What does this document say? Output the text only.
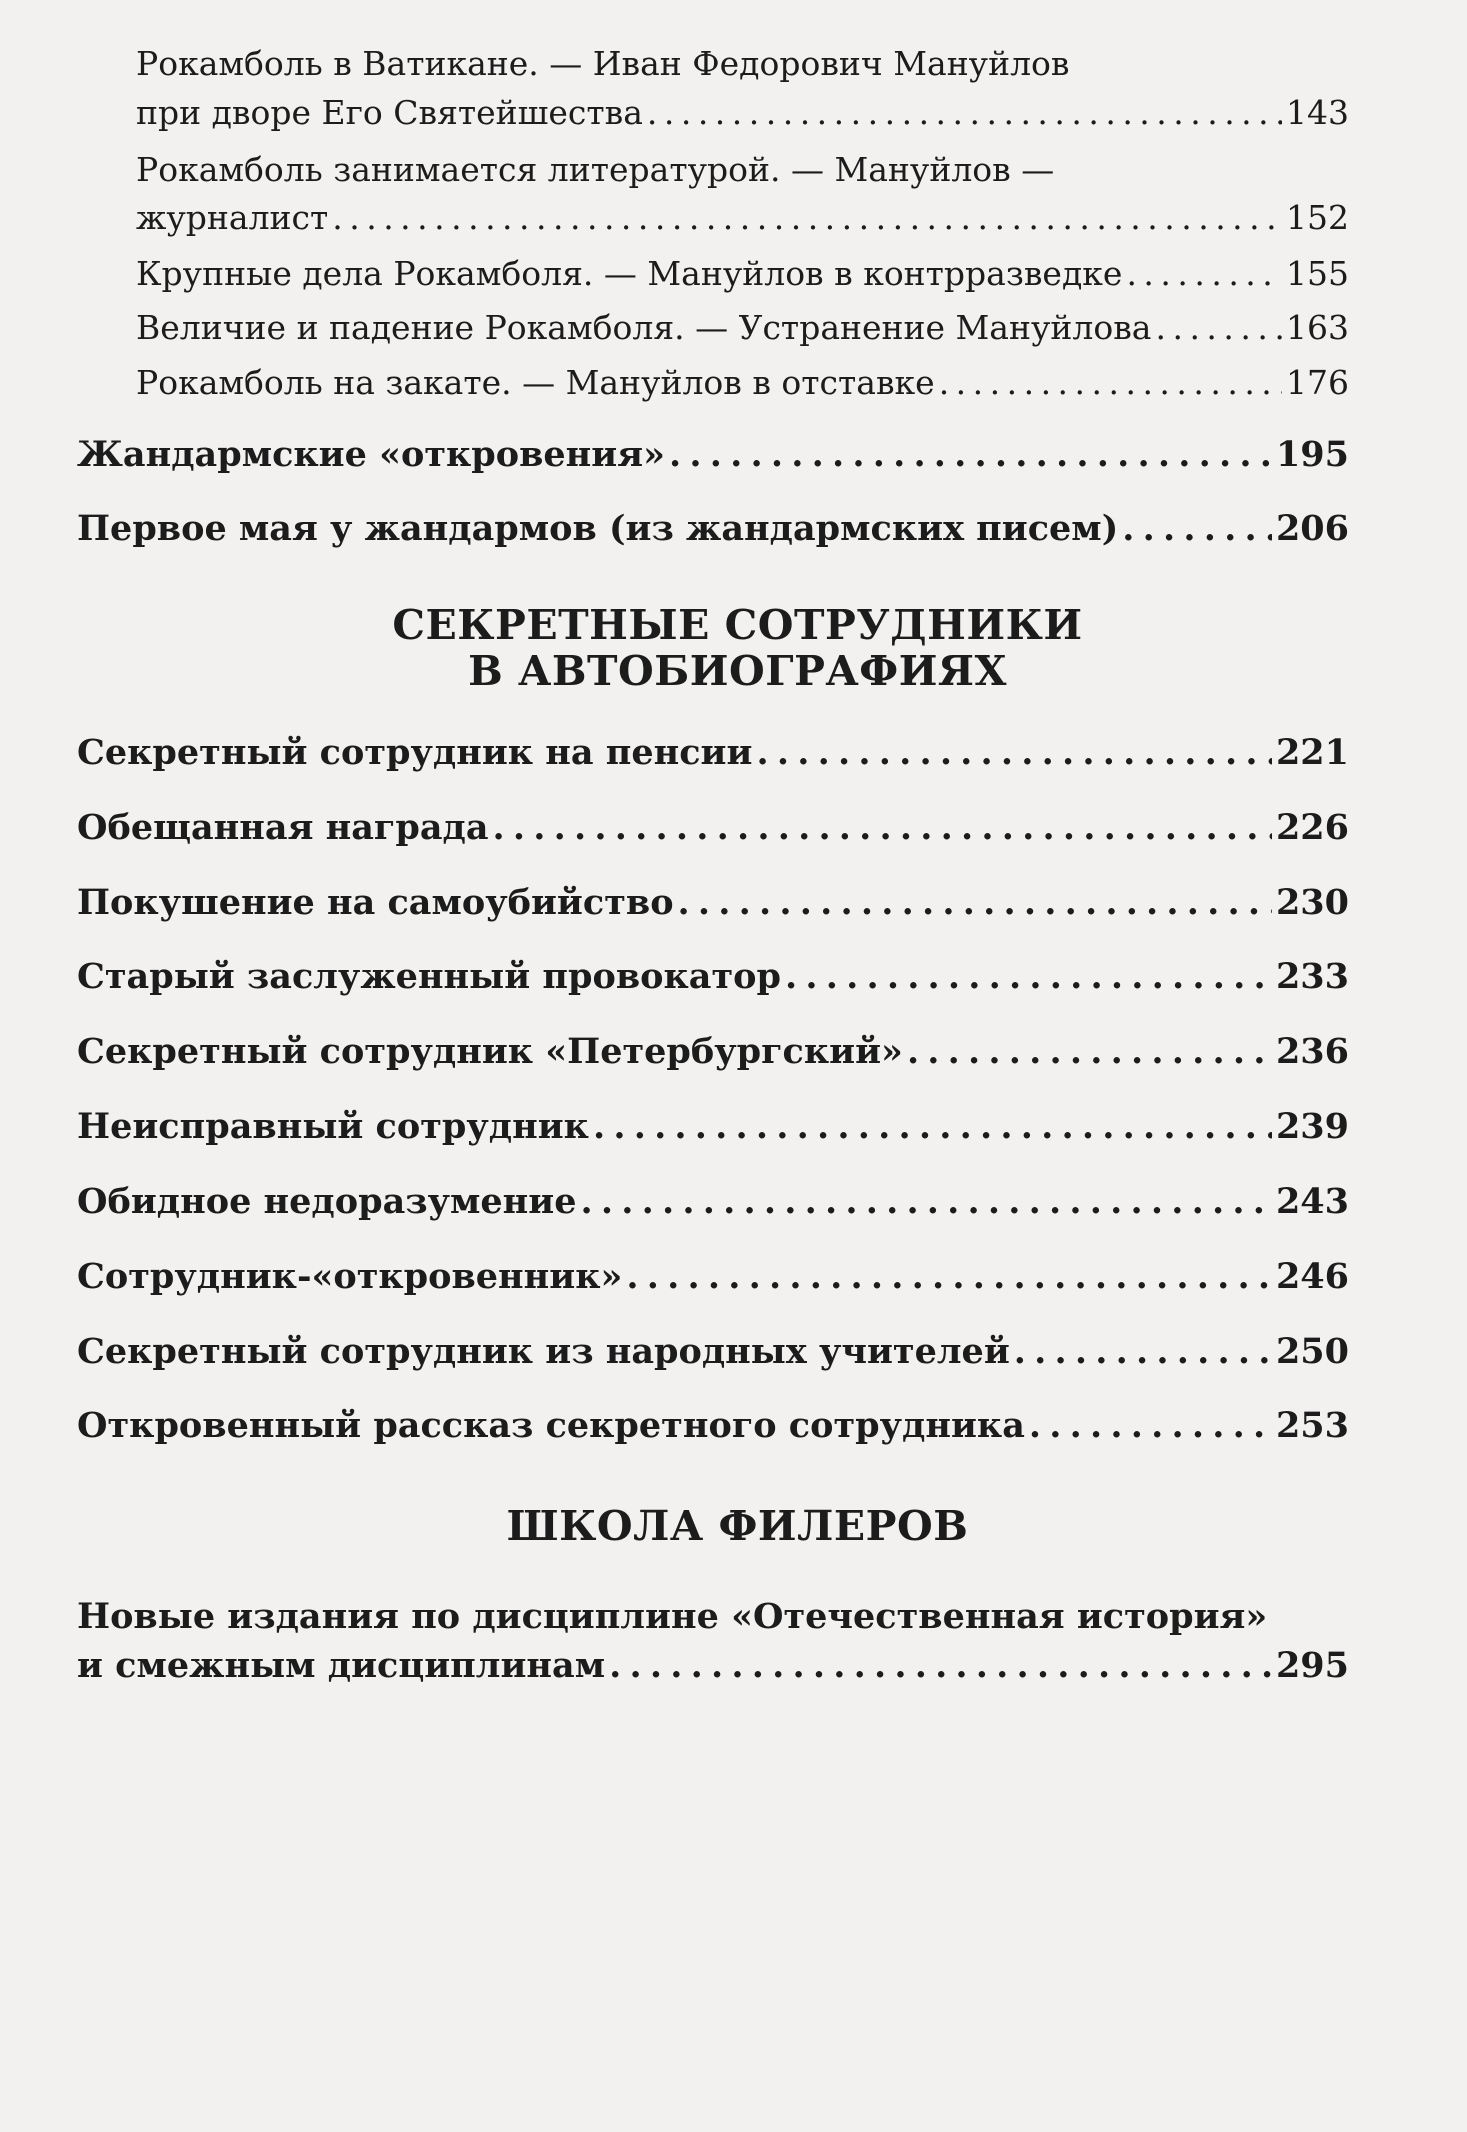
Рокамболь в Ватикане. — Иван Федорович Мануйлов
при дворе Его Святейшества . . .	143
Рокамболь занимается литературой. — Мануйлов —
журналист . . .	152
Крупные дела Рокамболя. — Мануйлов в контрразведке . . .	155
Величие и падение Рокамболя. — Устранение Мануйлова . . .	163
Рокамболь на закате. — Мануйлов в отставке . . .	176
Жандармские «откровения» . . .	195
Первое мая у жандармов (из жандармских писем) . . .	206
СЕКРЕТНЫЕ СОТРУДНИКИ
В АВТОБИОГРАФИЯХ
Секретный сотрудник на пенсии . . .	221
Обещанная награда . . .	226
Покушение на самоубийство . . .	230
Старый заслуженный провокатор . . .	233
Секретный сотрудник «Петербургский» . . .	236
Неисправный сотрудник . . .	239
Обидное недоразумение . . .	243
Сотрудник-«откровенник» . . .	246
Секретный сотрудник из народных учителей . . .	250
Откровенный рассказ секретного сотрудника . . .	253
ШКОЛА ФИЛЕРОВ
Новые издания по дисциплине «Отечественная история»
и смежным дисциплинам . . .	295
